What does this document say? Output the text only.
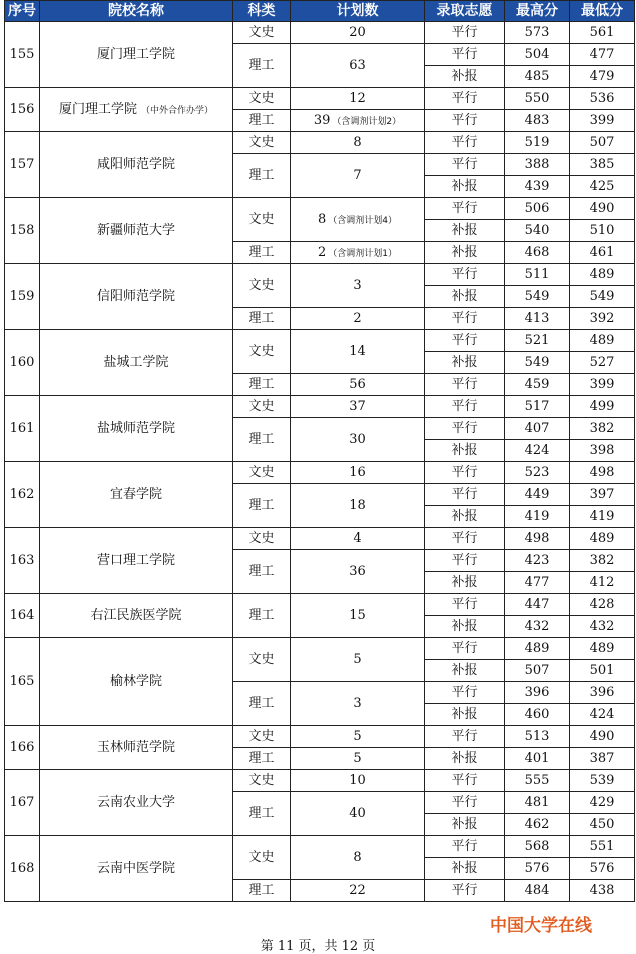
序号	院校名称	科类	计划数	录取志愿	最高分	最低分
155	厦门理工学院	文史	20	平行	573	561
		理工	63	平行	504	477
				补报	485	479
156	厦门理工学院 （中外合作办学）	文史	12	平行	550	536
		理工	39 （含调剂计划2）	平行	483	399
157	咸阳师范学院	文史	8	平行	519	507
		理工	7	平行	388	385
				补报	439	425
158	新疆师范大学	文史	8 （含调剂计划4）	平行	506	490
				补报	540	510
		理工	2 （含调剂计划1）	补报	468	461
159	信阳师范学院	文史	3	平行	511	489
				补报	549	549
		理工	2	平行	413	392
160	盐城工学院	文史	14	平行	521	489
				补报	549	527
		理工	56	平行	459	399
161	盐城师范学院	文史	37	平行	517	499
		理工	30	平行	407	382
				补报	424	398
162	宜春学院	文史	16	平行	523	498
		理工	18	平行	449	397
				补报	419	419
163	营口理工学院	文史	4	平行	498	489
		理工	36	平行	423	382
				补报	477	412
164	右江民族医学院	理工	15	平行	447	428
				补报	432	432
165	榆林学院	文史	5	平行	489	489
				补报	507	501
		理工	3	平行	396	396
				补报	460	424
166	玉林师范学院	文史	5	平行	513	490
		理工	5	补报	401	387
167	云南农业大学	文史	10	平行	555	539
		理工	40	平行	481	429
				补报	462	450
168	云南中医学院	文史	8	平行	568	551
				补报	576	576
		理工	22	平行	484	438
中国大学在线
第 11 页，共 12 页
